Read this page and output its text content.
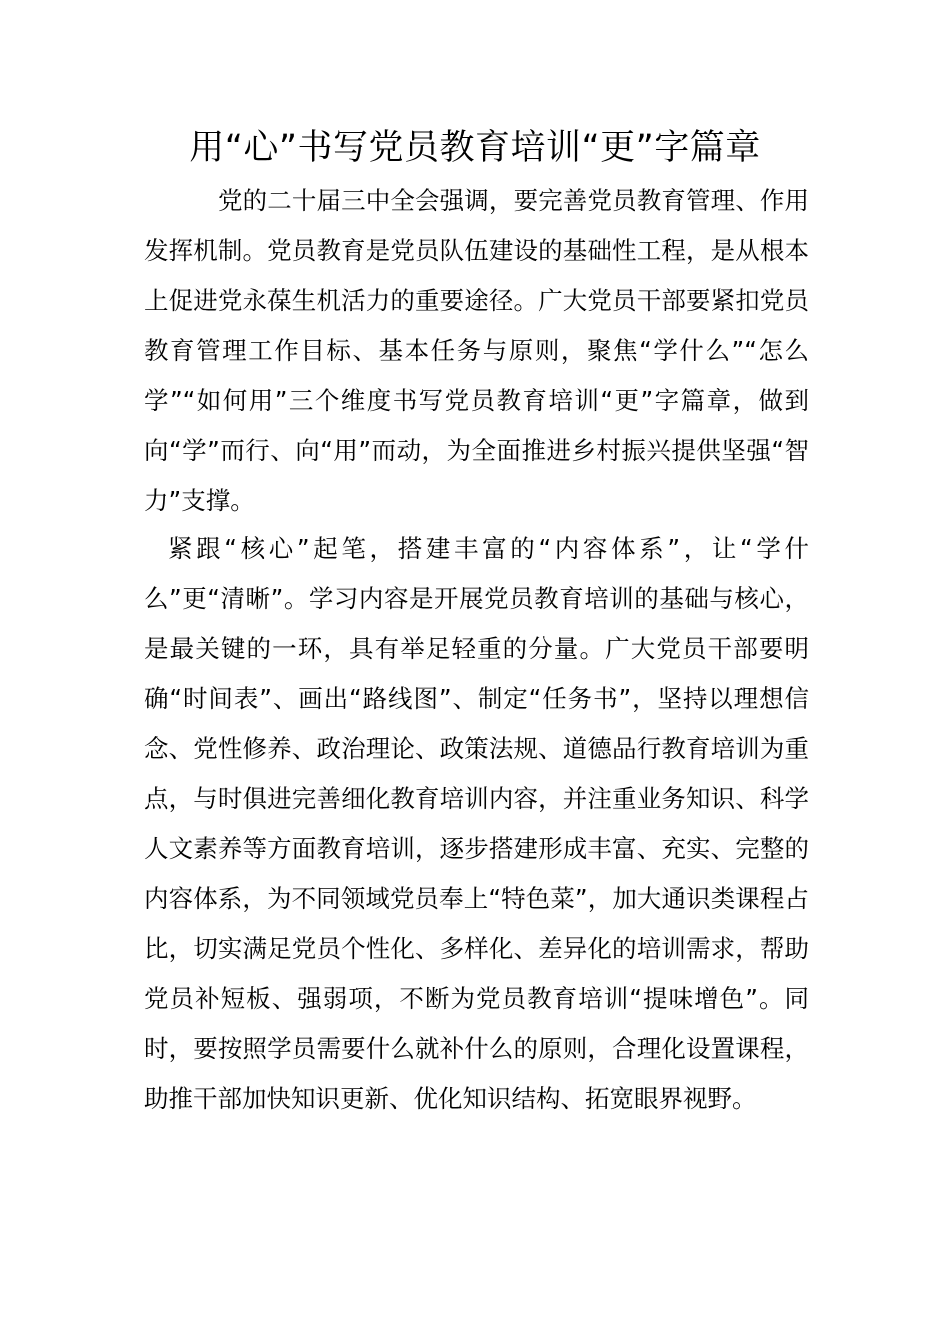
用“心”书写党员教育培训“更”字篇章

党的二十届三中全会强调，要完善党员教育管理、作用发挥机制。党员教育是党员队伍建设的基础性工程，是从根本上促进党永葆生机活力的重要途径。广大党员干部要紧扣党员教育管理工作目标、基本任务与原则，聚焦“学什么”“怎么学”“如何用”三个维度书写党员教育培训“更”字篇章，做到向“学”而行、向“用”而动，为全面推进乡村振兴提供坚强“智力”支撑。

紧跟“核心”起笔，搭建丰富的“内容体系”，让“学什么”更“清晰”。学习内容是开展党员教育培训的基础与核心，是最关键的一环，具有举足轻重的分量。广大党员干部要明确“时间表”、画出“路线图”、制定“任务书”，坚持以理想信念、党性修养、政治理论、政策法规、道德品行教育培训为重点，与时俱进完善细化教育培训内容，并注重业务知识、科学人文素养等方面教育培训，逐步搭建形成丰富、充实、完整的内容体系，为不同领域党员奉上“特色菜”，加大通识类课程占比，切实满足党员个性化、多样化、差异化的培训需求，帮助党员补短板、强弱项，不断为党员教育培训“提味增色”。同时，要按照学员需要什么就补什么的原则，合理化设置课程，助推干部加快知识更新、优化知识结构、拓宽眼界视野。
